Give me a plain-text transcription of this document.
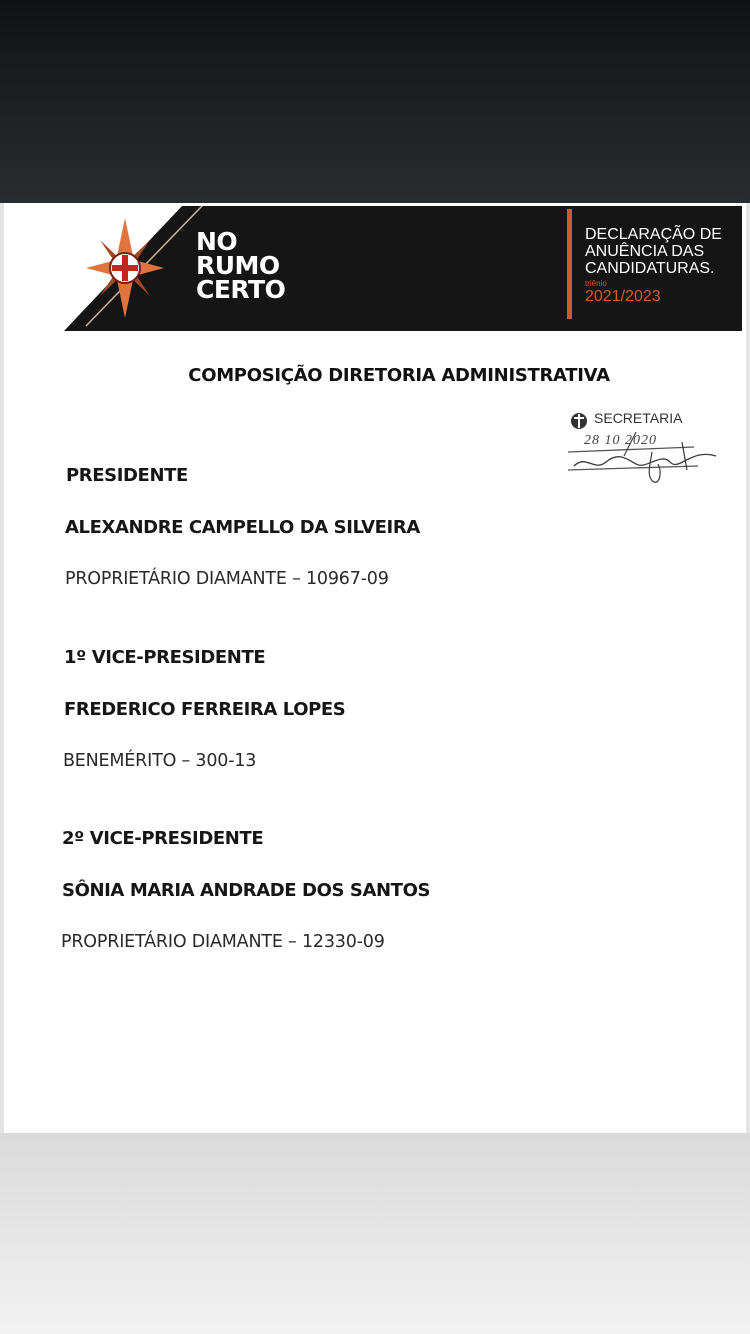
NO
RUMO
CERTO
DECLARAÇÃO DE
ANUÊNCIA DAS
CANDIDATURAS.
triênio
2021/2023
COMPOSIÇÃO DIRETORIA ADMINISTRATIVA
SECRETARIA
28 10 2020
PRESIDENTE
ALEXANDRE CAMPELLO DA SILVEIRA
PROPRIETÁRIO DIAMANTE – 10967-09
1º VICE-PRESIDENTE
FREDERICO FERREIRA LOPES
BENEMÉRITO – 300-13
2º VICE-PRESIDENTE
SÔNIA MARIA ANDRADE DOS SANTOS
PROPRIETÁRIO DIAMANTE – 12330-09
